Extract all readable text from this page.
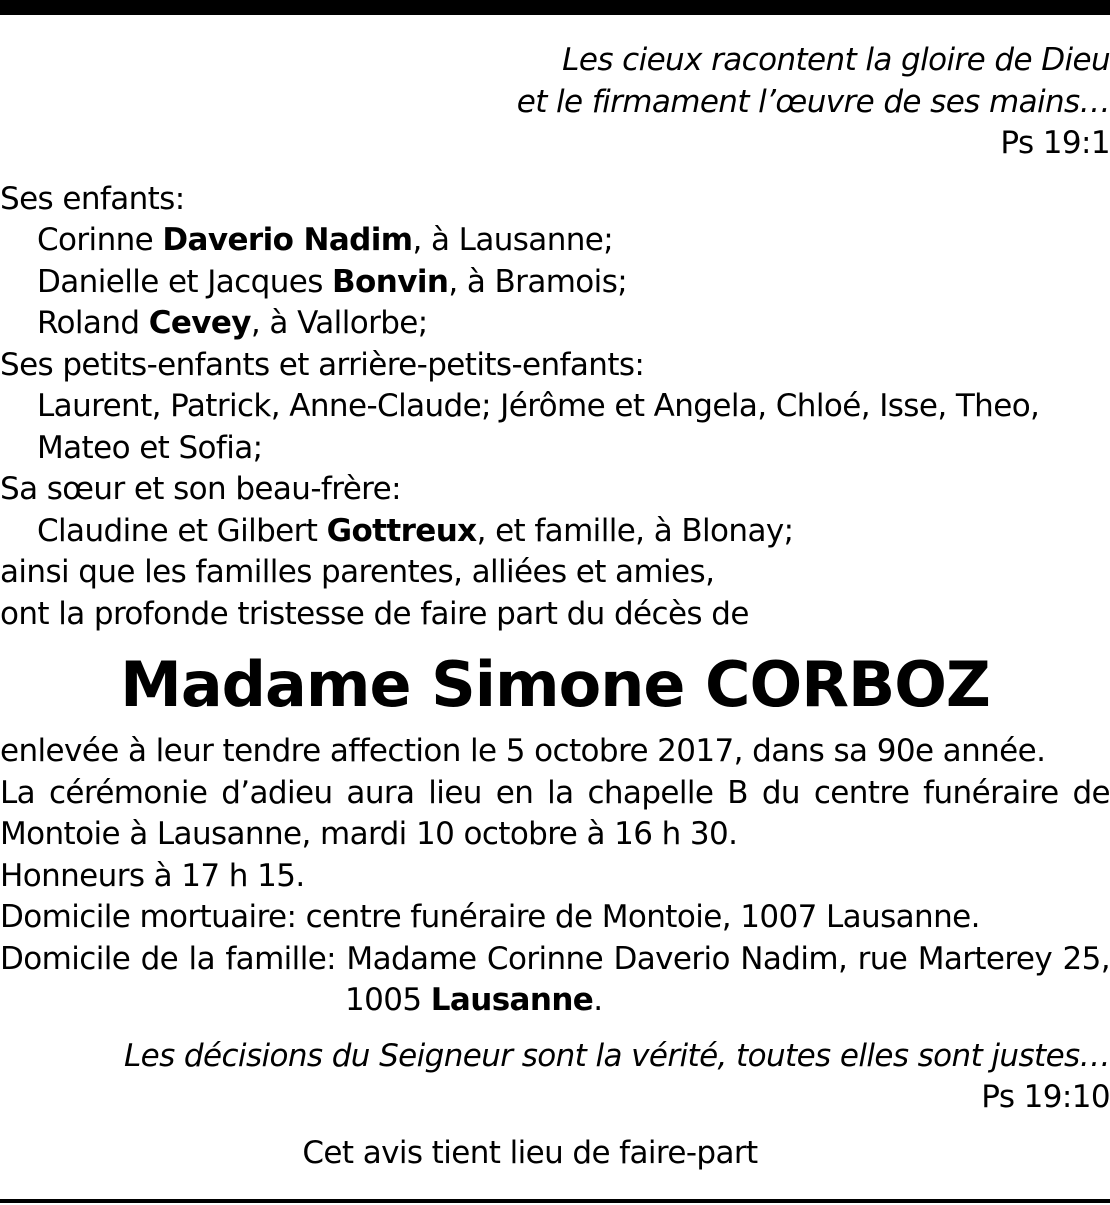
Les cieux racontent la gloire de Dieu
et le firmament l’œuvre de ses mains…
Ps 19:1
Ses enfants:
Corinne Daverio Nadim, à Lausanne;
Danielle et Jacques Bonvin, à Bramois;
Roland Cevey, à Vallorbe;
Ses petits-enfants et arrière-petits-enfants:
Laurent, Patrick, Anne-Claude; Jérôme et Angela, Chloé, Isse, Theo,
Mateo et Sofia;
Sa sœur et son beau-frère:
Claudine et Gilbert Gottreux, et famille, à Blonay;
ainsi que les familles parentes, alliées et amies,
ont la profonde tristesse de faire part du décès de
Madame Simone CORBOZ
enlevée à leur tendre affection le 5 octobre 2017, dans sa 90e année.
La cérémonie d’adieu aura lieu en la chapelle B du centre funéraire de
Montoie à Lausanne, mardi 10 octobre à 16 h 30.
Honneurs à 17 h 15.
Domicile mortuaire: centre funéraire de Montoie, 1007 Lausanne.
Domicile de la famille: Madame Corinne Daverio Nadim, rue Marterey 25,
1005 Lausanne.
Les décisions du Seigneur sont la vérité, toutes elles sont justes…
Ps 19:10
Cet avis tient lieu de faire-part
